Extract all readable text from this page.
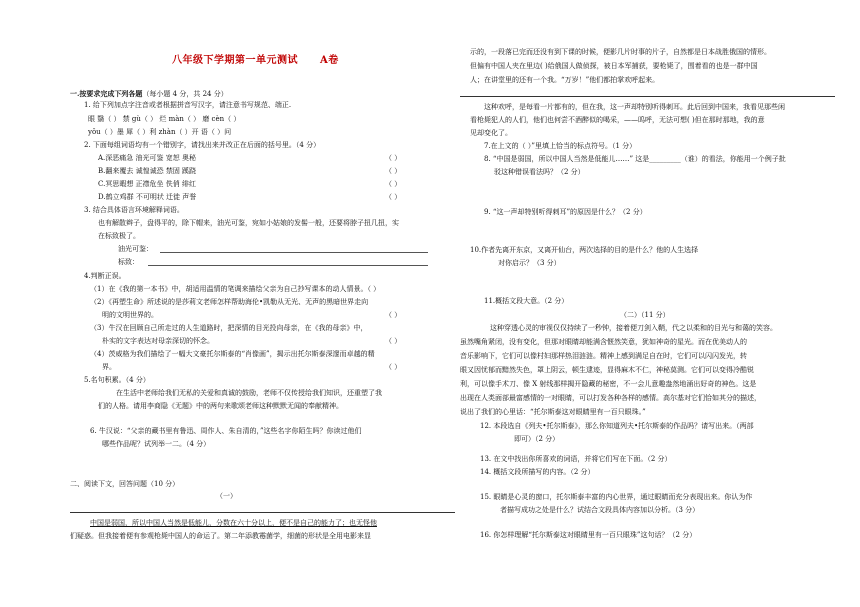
八年级下学期第一单元测试 A卷
一.按要求完成下列各题（每小题 4 分，共 24 分）
1. 给下列加点字注音或者根据拼音写汉字，请注意书写规范、端正.
眼 翳（ ） 禁 gù（ ） 烂 màn（ ） 磨 cèn（ ）
yǒu（ ）墨 犀（ ）利 zhàn（ ）开 语（ ）问
2. 下面每组词语均有一个错别字，请找出来并改正在后面的括号里。（4 分）
A.深恶痛急 油光可鉴 宽恕 奥秘	（ ）
B.翻来覆去 诚惶诚恐 禁固 蹊跷	（ ）
C.冥思暇想 正襟危坐 佚俏 绯红	（ ）
D.鹤立鸡群 不可明状 迁徙 声誉	（ ）
3. 结合具体语言环境解释词语。
也有解散辫子，盘得平的，除下帽来，油光可鉴，宛如小姑娘的发髻一般，还要将脖子扭几扭，实
在标致极了。
油光可鉴：
标致：
4.判断正误。
（1）在《我的第一本书》中，胡适用温情的笔调来描绘父亲为自己抄写课本的动人情景。（ ）
（2）《再塑生命》所述说的是莎莉文老师怎样帮助海伦•凯勒从无光、无声的黑暗世界走向
明的文明世界的。	（ ）
（3）牛汉在回顾自己所走过的人生道路时，把深情的目光投向母亲，在《我的母亲》中，
朴实的文字表达对母亲深切的怀念。	（ ）
（4）茨威格为我们描绘了一幅大文豪托尔斯泰的“肖像画”，揭示出托尔斯泰深邃而卓越的精
界。	（ ）
5.名句积累。（4 分）
在生活中老师给我们无私的关爱和真诚的鼓励，老师不仅传授给我们知识，还重塑了我
们的人格。请用李商隐《无题》中的两句来歌颂老师这种默默无闻的奉献精神。
6. 牛汉说：“父亲的藏书里有鲁迅、周作人、朱自清的，”这些名字你陌生吗？你读过他们
哪些作品呢？试列举一二。（4 分）
二、阅读下文，回答问题（10 分）
（一）
中国是弱国，所以中国人当然是低能儿，分数在六十分以上，便不是自己的能力了；也无怪他
们疑惑。但我接着便有参观枪毙中国人的命运了。第二年添教霉菌学，细菌的形状是全用电影来显
示的，一段落已完而还没有到下课的时候，便影几片时事的片子，自然都是日本战胜俄国的情形。
但偏有中国人夹在里边( )给俄国人做侦探，被日本军捕获，要枪毙了，围着看的也是一群中国
人；在讲堂里的还有一个我。“万岁！”他们都拍掌欢呼起来。
这种欢呼，是每看一片都有的，但在我，这一声却特别听得刺耳。此后回到中国来，我看见那些闲
看枪毙犯人的人们，他们也何尝不酒醉似的喝采，——呜呼，无法可想( )但在那时那地，我的意
见却变化了。
7.在上文的（ ）”里填上恰当的标点符号。（1 分）
8. “中国是弱国，所以中国人当然是低能儿……” 这是_________（谁）的看法，你能用一个例子批
驳这种错误看法吗？（2 分）
9. “这一声却特别听得刺耳”的原因是什么？（2 分）
10.作者先离开东京，又离开仙台，两次选择的目的是什么？他的人生选择
对你启示？（3 分）
11.概括文段大意。（2 分）
（二）（11 分）
这种穿透心灵的审视仅仅持续了一秒钟，接着便刀剑入鞘，代之以柔和的目光与和蔼的笑容。
虽然嘴角紧闭，没有变化，但那对眼睛却能满含惬然笑意，犹如神奇的星光。而在优美动人的
音乐影响下，它们可以像村妇那样热泪涟涟。精神上感到满足自在时，它们可以闪闪发光，转
眼又因忧郁而黯然失色，罩上阴云，顿生逮迹，显得麻木不仁，神秘莫测。它们可以变得冷酷锐
利，可以像手术刀、像 X 射线那样揭开隐藏的秘密，不一会儿意趣盎然地涌出好奇的神色。这是
出现在人类面部最富感情的一对眼睛，可以打发各种各样的感情。高尔基对它们恰如其分的描述，
说出了我们的心里话：“托尔斯泰这对眼睛里有一百只眼珠。”
12. 本段选自《列夫•托尔斯泰》，那么你知道列夫•托尔斯泰的作品吗？请写出来。（两部
即可）（2 分）
13. 在文中找出你所喜欢的词语，并将它们写在下面。（2 分）
14. 概括文段所描写的内容。（2 分）
15. 眼睛是心灵的窗口，托尔斯泰丰富的内心世界，通过眼睛而充分表现出来。你认为作
者描写成功之处是什么？试结合文段具体内容加以分析。（3 分）
16. 你怎样理解“托尔斯泰这对眼睛里有一百只眼珠”这句话？（2 分）
